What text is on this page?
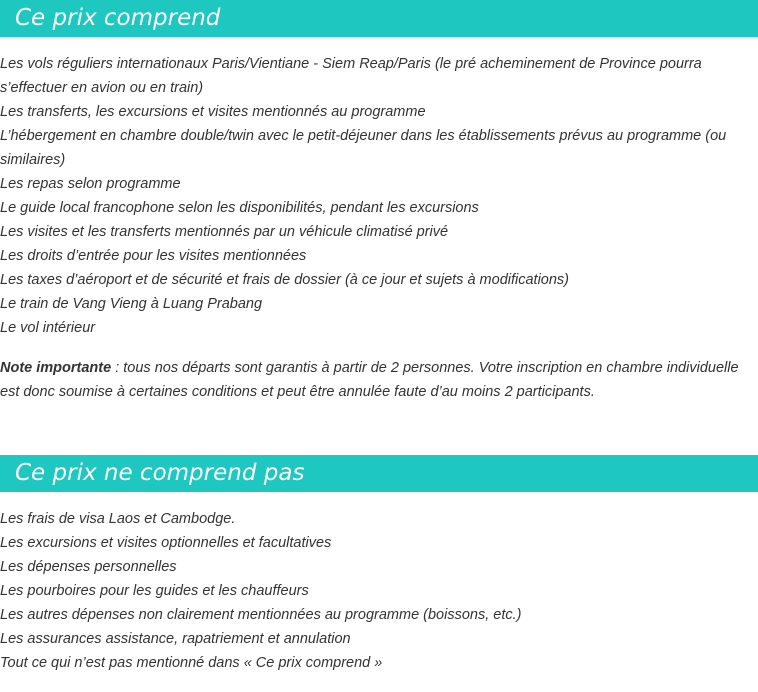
Ce prix comprend
Les vols réguliers internationaux Paris/Vientiane - Siem Reap/Paris (le pré acheminement de Province pourra s’effectuer en avion ou en train)
Les transferts, les excursions et visites mentionnés au programme
L’hébergement en chambre double/twin avec le petit-déjeuner dans les établissements prévus au programme (ou similaires)
Les repas selon programme
Le guide local francophone selon les disponibilités, pendant les excursions
Les visites et les transferts mentionnés par un véhicule climatisé privé
Les droits d’entrée pour les visites mentionnées
Les taxes d’aéroport et de sécurité et frais de dossier (à ce jour et sujets à modifications)
Le train de Vang Vieng à Luang Prabang
Le vol intérieur

Note importante : tous nos départs sont garantis à partir de 2 personnes. Votre inscription en chambre individuelle est donc soumise à certaines conditions et peut être annulée faute d’au moins 2 participants.

Ce prix ne comprend pas
Les frais de visa Laos et Cambodge.
Les excursions et visites optionnelles et facultatives
Les dépenses personnelles
Les pourboires pour les guides et les chauffeurs
Les autres dépenses non clairement mentionnées au programme (boissons, etc.)
Les assurances assistance, rapatriement et annulation
Tout ce qui n’est pas mentionné dans « Ce prix comprend »
